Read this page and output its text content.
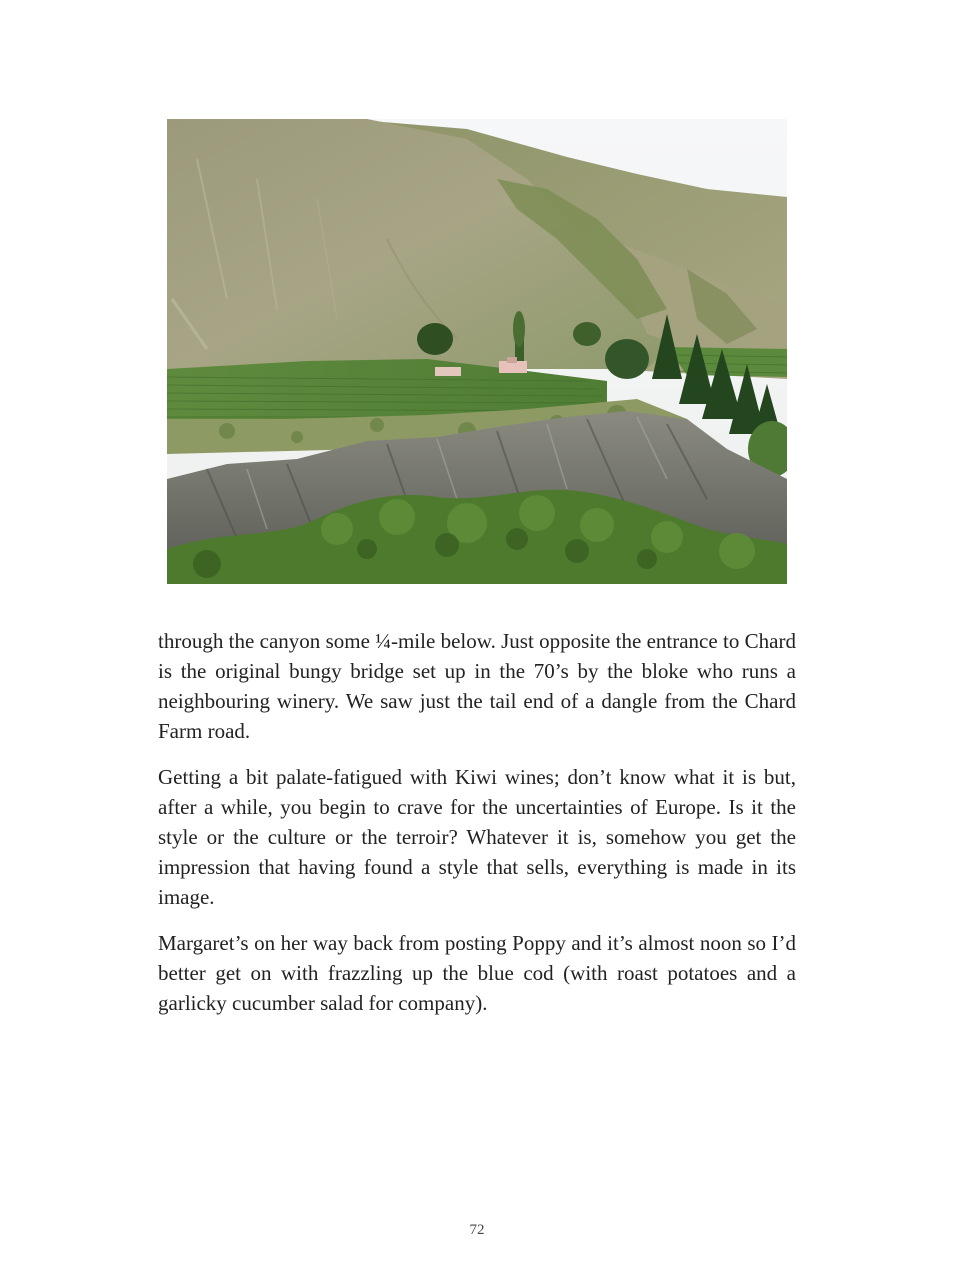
through the canyon some ¼-mile below. Just opposite the entrance to Chard is the original bungy bridge set up in the 70’s by the bloke who runs a neighbouring winery. We saw just the tail end of a dangle from the Chard Farm road.

Getting a bit palate-fatigued with Kiwi wines; don’t know what it is but, after a while, you begin to crave for the uncertainties of Europe. Is it the style or the culture or the terroir? Whatever it is, somehow you get the impression that having found a style that sells, everything is made in its image.

Margaret’s on her way back from posting Poppy and it’s almost noon so I’d better get on with frazzling up the blue cod (with roast potatoes and a garlicky cucumber salad for company).

72
